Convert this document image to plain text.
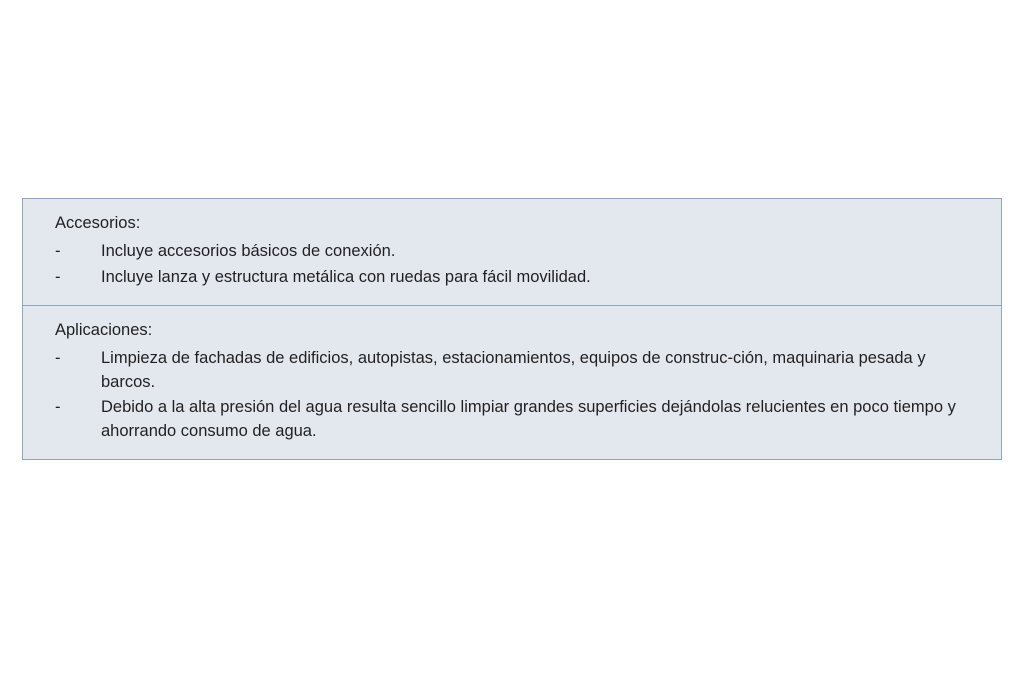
Accesorios:
-	Incluye accesorios básicos de conexión.
-	Incluye lanza y estructura metálica con ruedas para fácil movilidad.
Aplicaciones:
-	Limpieza de fachadas de edificios, autopistas, estacionamientos, equipos de construc-ción, maquinaria pesada y barcos.
-	Debido a la alta presión del agua resulta sencillo limpiar grandes superficies dejándolas relucientes en poco tiempo y ahorrando consumo de agua.
